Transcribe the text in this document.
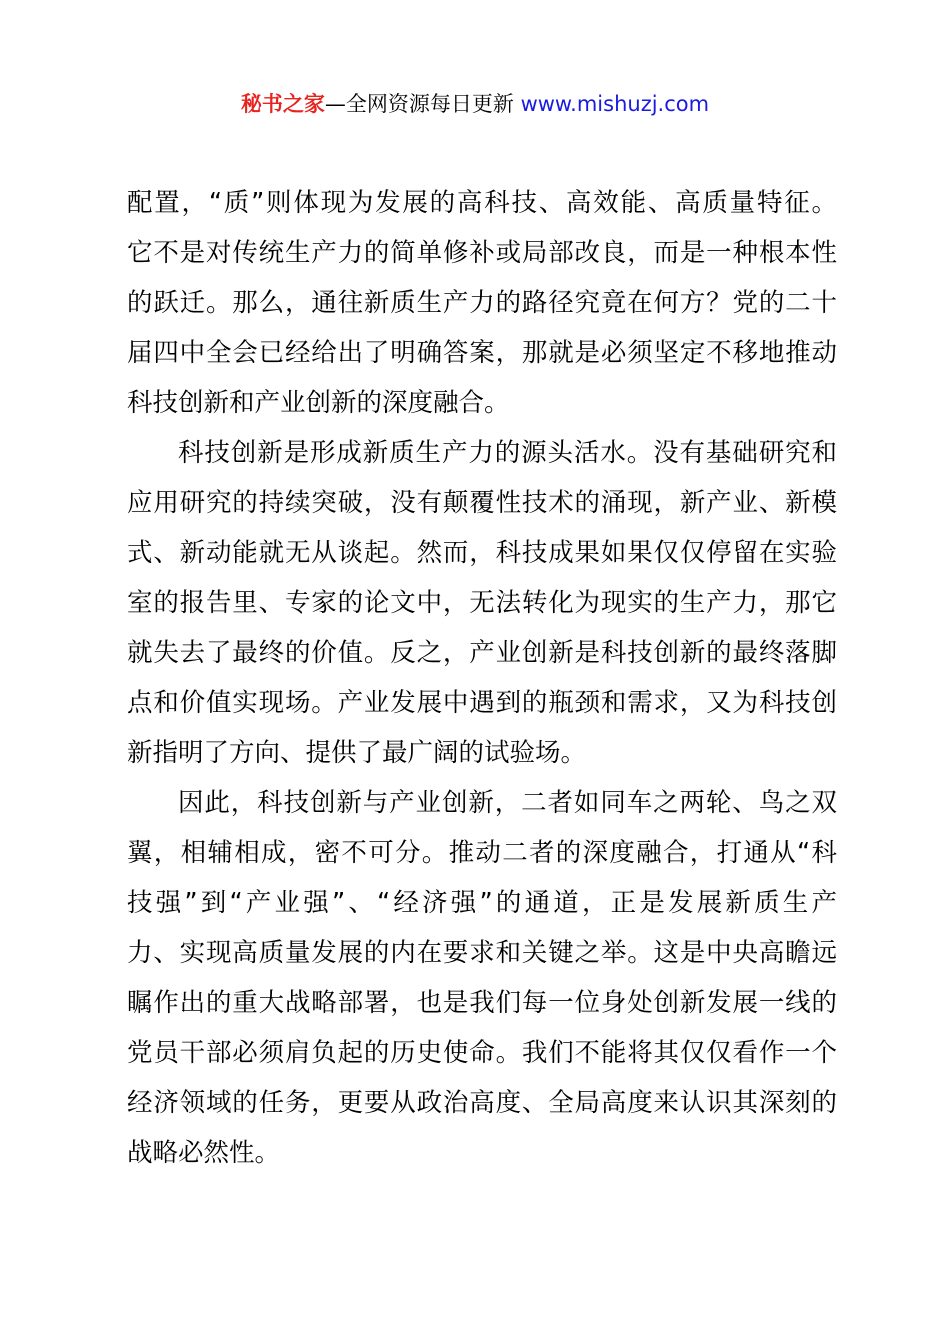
秘书之家—全网资源每日更新 www.mishuzj.com
配置，“质”则体现为发展的高科技、高效能、高质量特征。
它不是对传统生产力的简单修补或局部改良，而是一种根本性
的跃迁。那么，通往新质生产力的路径究竟在何方？党的二十
届四中全会已经给出了明确答案，那就是必须坚定不移地推动
科技创新和产业创新的深度融合。
科技创新是形成新质生产力的源头活水。没有基础研究和
应用研究的持续突破，没有颠覆性技术的涌现，新产业、新模
式、新动能就无从谈起。然而，科技成果如果仅仅停留在实验
室的报告里、专家的论文中，无法转化为现实的生产力，那它
就失去了最终的价值。反之，产业创新是科技创新的最终落脚
点和价值实现场。产业发展中遇到的瓶颈和需求，又为科技创
新指明了方向、提供了最广阔的试验场。
因此，科技创新与产业创新，二者如同车之两轮、鸟之双
翼，相辅相成，密不可分。推动二者的深度融合，打通从“科
技强”到“产业强”、“经济强”的通道，正是发展新质生产
力、实现高质量发展的内在要求和关键之举。这是中央高瞻远
瞩作出的重大战略部署，也是我们每一位身处创新发展一线的
党员干部必须肩负起的历史使命。我们不能将其仅仅看作一个
经济领域的任务，更要从政治高度、全局高度来认识其深刻的
战略必然性。
